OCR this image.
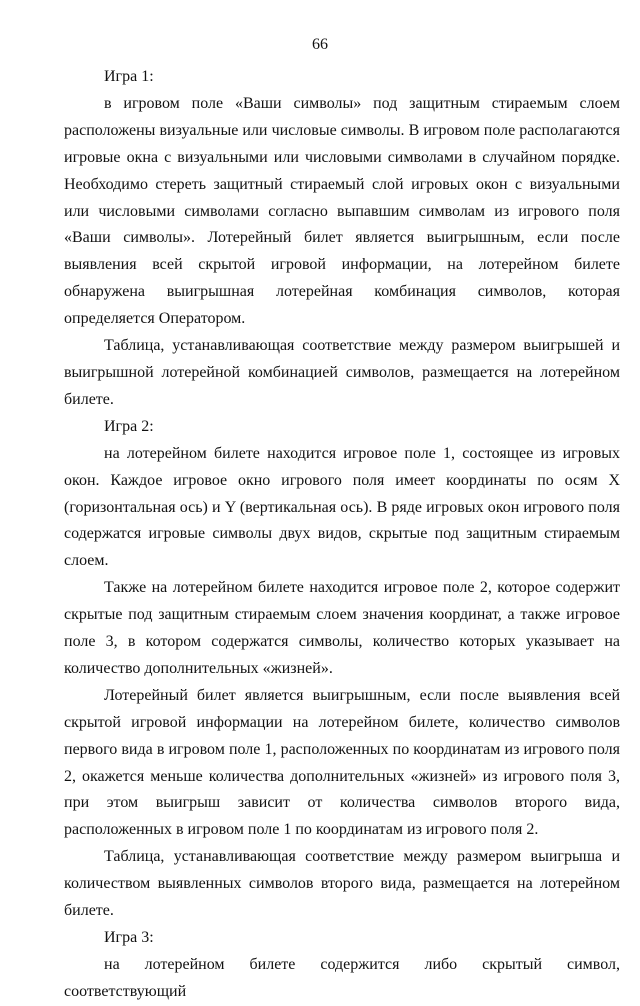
66

Игра 1:

в игровом поле «Ваши символы» под защитным стираемым слоем расположены визуальные или числовые символы. В игровом поле располагаются игровые окна с визуальными или числовыми символами в случайном порядке. Необходимо стереть защитный стираемый слой игровых окон с визуальными или числовыми символами согласно выпавшим символам из игрового поля «Ваши символы». Лотерейный билет является выигрышным, если после выявления всей скрытой игровой информации, на лотерейном билете обнаружена выигрышная лотерейная комбинация символов, которая определяется Оператором.

Таблица, устанавливающая соответствие между размером выигрышей и выигрышной лотерейной комбинацией символов, размещается на лотерейном билете.

Игра 2:

на лотерейном билете находится игровое поле 1, состоящее из игровых окон. Каждое игровое окно игрового поля имеет координаты по осям X (горизонтальная ось) и Y (вертикальная ось). В ряде игровых окон игрового поля содержатся игровые символы двух видов, скрытые под защитным стираемым слоем.

Также на лотерейном билете находится игровое поле 2, которое содержит скрытые под защитным стираемым слоем значения координат, а также игровое поле 3, в котором содержатся символы, количество которых указывает на количество дополнительных «жизней».

Лотерейный билет является выигрышным, если после выявления всей скрытой игровой информации на лотерейном билете, количество символов первого вида в игровом поле 1, расположенных по координатам из игрового поля 2, окажется меньше количества дополнительных «жизней» из игрового поля 3, при этом выигрыш зависит от количества символов второго вида, расположенных в игровом поле 1 по координатам из игрового поля 2.

Таблица, устанавливающая соответствие между размером выигрыша и количеством выявленных символов второго вида, размещается на лотерейном билете.

Игра 3:

на лотерейном билете содержится либо скрытый символ, соответствующий
